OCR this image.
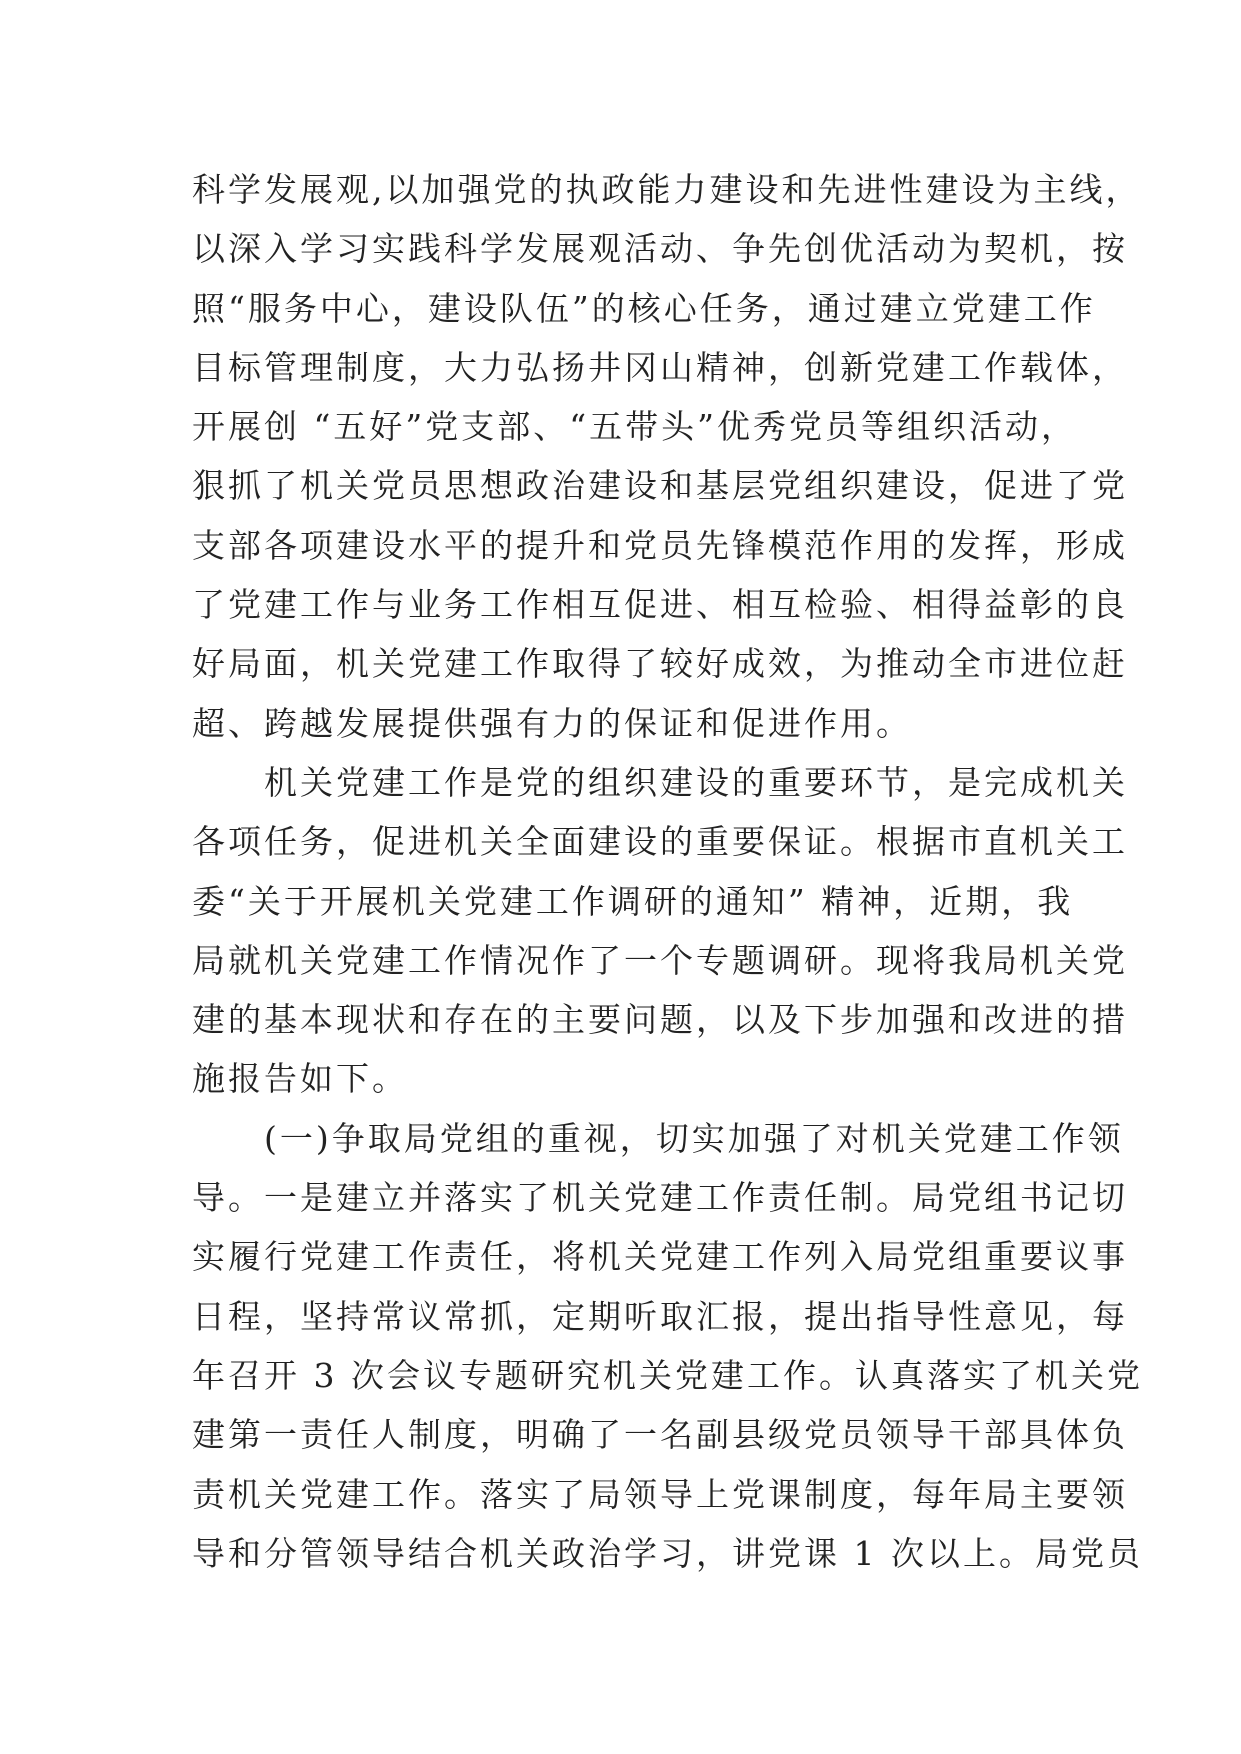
科学发展观,以加强党的执政能力建设和先进性建设为主线，
以深入学习实践科学发展观活动、争先创优活动为契机，按
照“服务中心，建设队伍”的核心任务，通过建立党建工作
目标管理制度，大力弘扬井冈山精神，创新党建工作载体，
开展创 “五好”党支部、“五带头”优秀党员等组织活动，
狠抓了机关党员思想政治建设和基层党组织建设，促进了党
支部各项建设水平的提升和党员先锋模范作用的发挥，形成
了党建工作与业务工作相互促进、相互检验、相得益彰的良
好局面，机关党建工作取得了较好成效，为推动全市进位赶
超、跨越发展提供强有力的保证和促进作用。
　　机关党建工作是党的组织建设的重要环节，是完成机关
各项任务，促进机关全面建设的重要保证。根据市直机关工
委“关于开展机关党建工作调研的通知” 精神，近期，我
局就机关党建工作情况作了一个专题调研。现将我局机关党
建的基本现状和存在的主要问题，以及下步加强和改进的措
施报告如下。
　　(一)争取局党组的重视，切实加强了对机关党建工作领
导。一是建立并落实了机关党建工作责任制。局党组书记切
实履行党建工作责任，将机关党建工作列入局党组重要议事
日程，坚持常议常抓，定期听取汇报，提出指导性意见，每
年召开 3 次会议专题研究机关党建工作。认真落实了机关党
建第一责任人制度，明确了一名副县级党员领导干部具体负
责机关党建工作。落实了局领导上党课制度，每年局主要领
导和分管领导结合机关政治学习，讲党课 1 次以上。局党员
